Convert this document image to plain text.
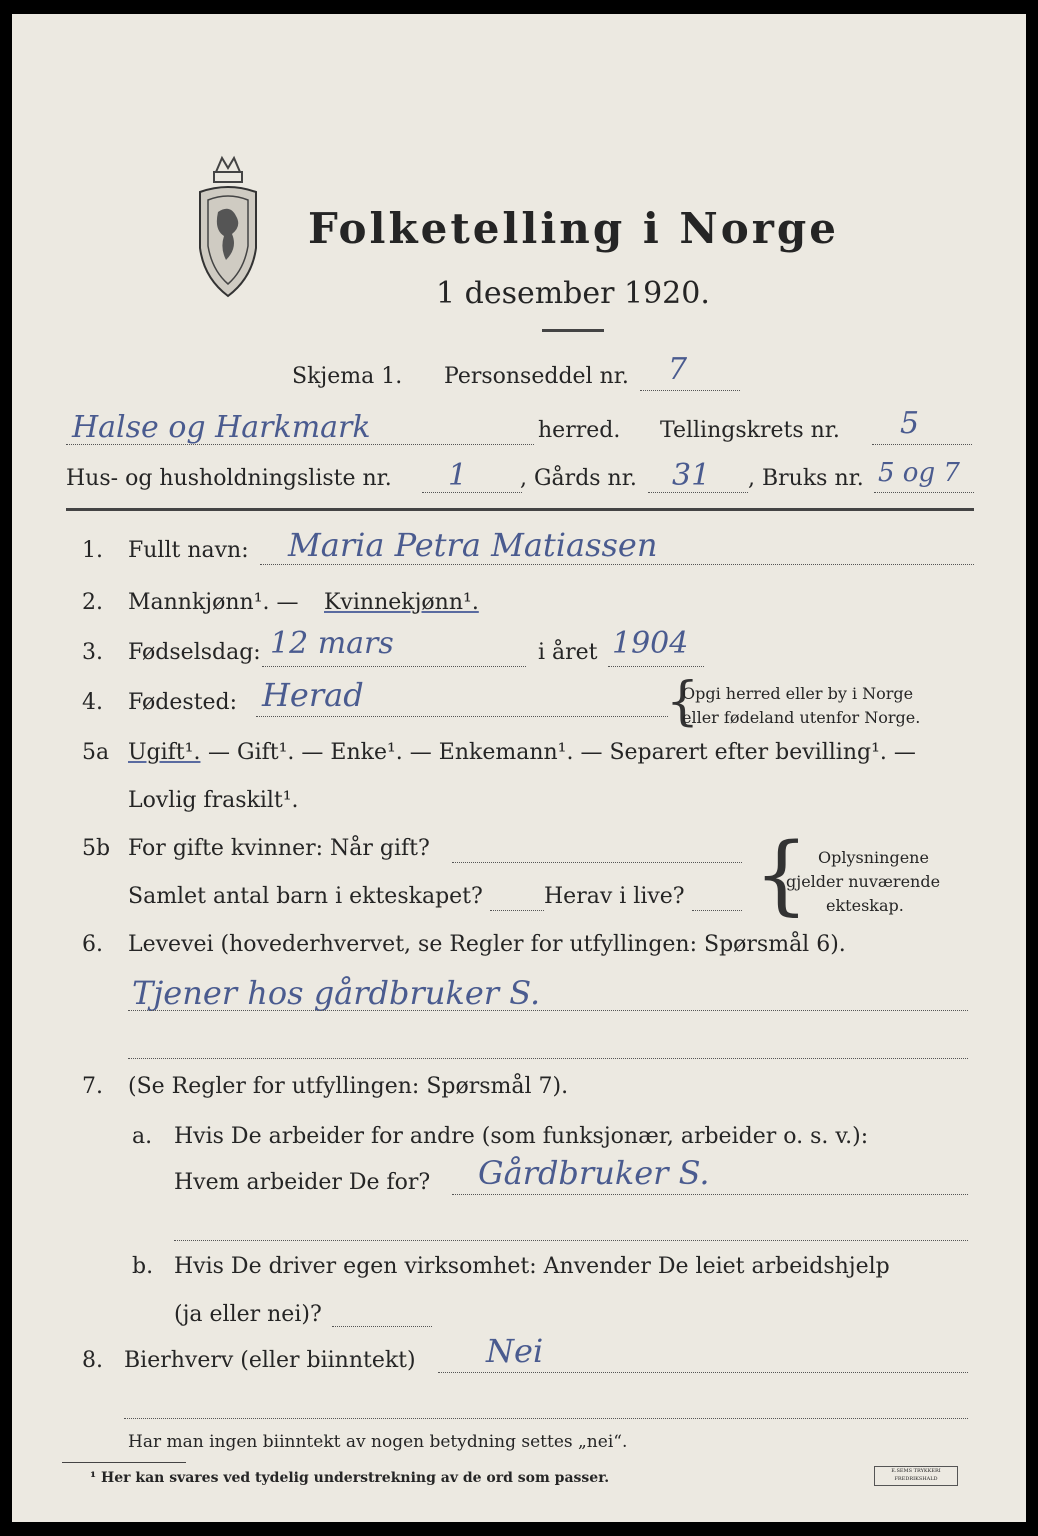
Folketelling i Norge
1 desember 1920.
Skjema 1. Personseddel nr. 7
Halse og Harkmark	herred. Tellingskrets nr. 5
Hus- og husholdningsliste nr. 1 , Gårds nr. 31 , Bruks nr. 5 og 7
1. Fullt navn: Maria Petra Matiassen
2. Mannkjønn¹. — Kvinnekjønn¹.
3. Fødselsdag: 12 mars	i året 1904
4. Fødested: Herad	{
Opgi herred eller by i Norge
eller fødeland utenfor Norge.
5a Ugift¹. — Gift¹. — Enke¹. — Enkemann¹. — Separert efter bevilling¹. —
Lovlig fraskilt¹.
5b For gifte kvinner: Når gift?
Samlet antal barn i ekteskapet?	Herav i live? { Oplysningene
gjelder nuværende
ekteskap.
6. Levevei (hovederhvervet, se Regler for utfyllingen: Spørsmål 6).
Tjener hos gårdbruker S.
7. (Se Regler for utfyllingen: Spørsmål 7).
a. Hvis De arbeider for andre (som funksjonær, arbeider o. s. v.):
Hvem arbeider De for? Gårdbruker S.
b. Hvis De driver egen virksomhet: Anvender De leiet arbeidshjelp
(ja eller nei)?
8. Bierhverv (eller biinntekt) Nei
Har man ingen biinntekt av nogen betydning settes „nei“.
¹ Her kan svares ved tydelig understrekning av de ord som passer.	E.SEMS TRYKKERI FREDRIKSHALD
